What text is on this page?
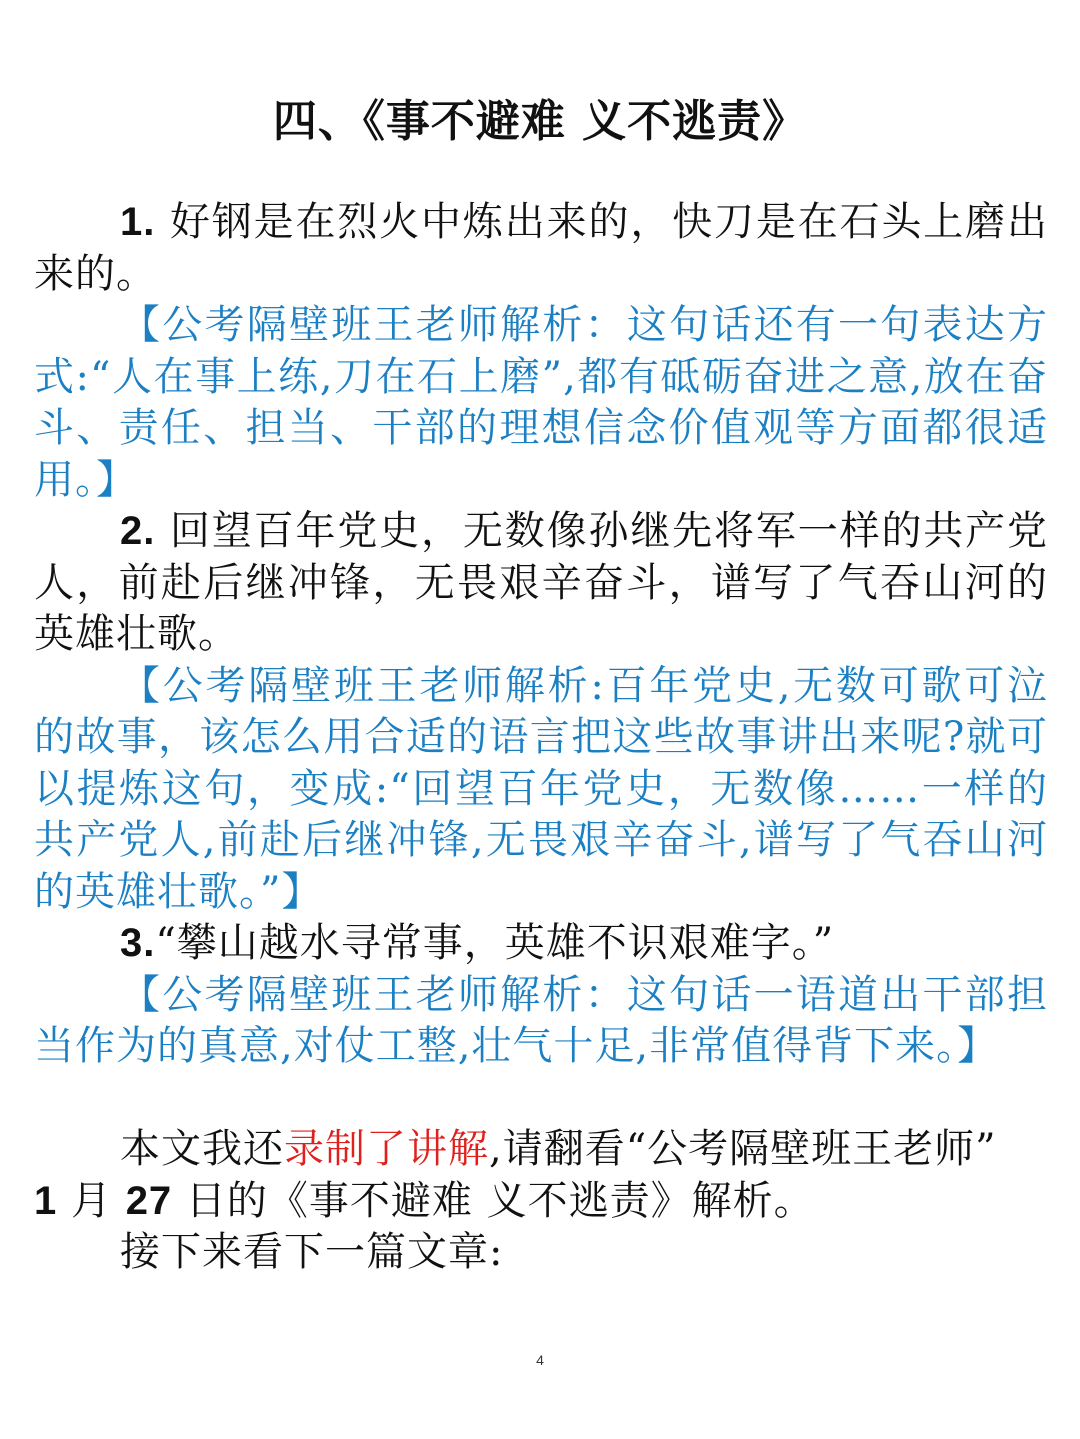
四、《事不避难 义不逃责》

1. 好钢是在烈火中炼出来的，快刀是在石头上磨出来的。

【公考隔壁班王老师解析：这句话还有一句表达方式:“人在事上练,刀在石上磨”,都有砥砺奋进之意,放在奋斗、责任、担当、干部的理想信念价值观等方面都很适用。】

2. 回望百年党史，无数像孙继先将军一样的共产党人，前赴后继冲锋，无畏艰辛奋斗，谱写了气吞山河的英雄壮歌。

【公考隔壁班王老师解析:百年党史,无数可歌可泣的故事，该怎么用合适的语言把这些故事讲出来呢?就可以提炼这句，变成:“回望百年党史，无数像……一样的共产党人,前赴后继冲锋,无畏艰辛奋斗,谱写了气吞山河的英雄壮歌。”】

3.“攀山越水寻常事，英雄不识艰难字。”

【公考隔壁班王老师解析：这句话一语道出干部担当作为的真意,对仗工整,壮气十足,非常值得背下来。】

本文我还录制了讲解,请翻看“公考隔壁班王老师”

1 月 27 日的《事不避难 义不逃责》解析。

接下来看下一篇文章:

4
